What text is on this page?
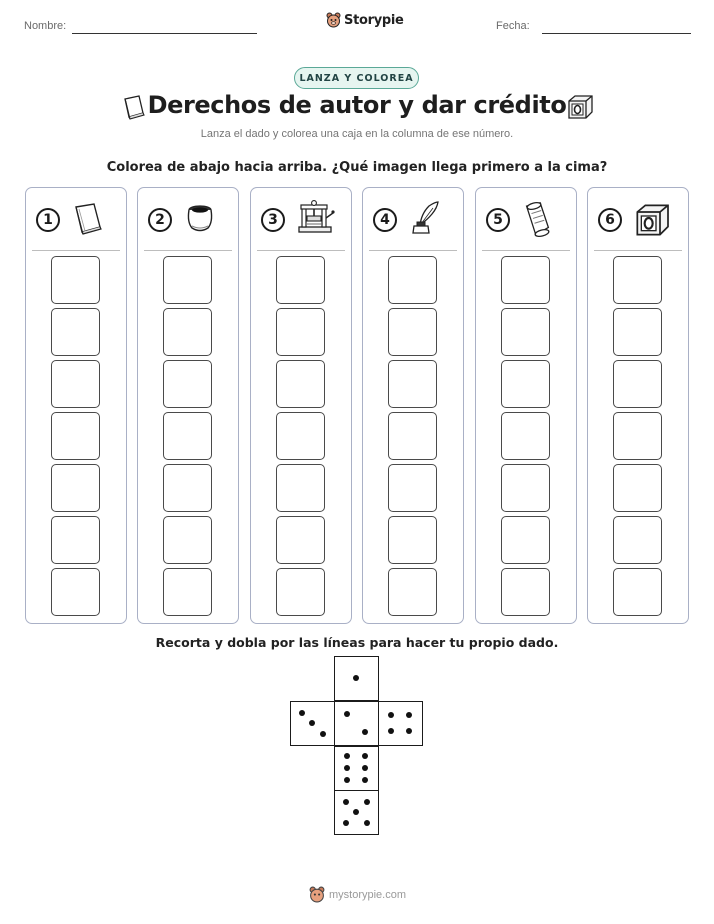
Nombre:	Storypie	Fecha:
LANZA Y COLOREA
Derechos de autor y dar crédito
Lanza el dado y colorea una caja en la columna de ese número.
Colorea de abajo hacia arriba. ¿Qué imagen llega primero a la cima?
1	2	3	4	5	6
Recorta y dobla por las líneas para hacer tu propio dado.
mystorypie.com
